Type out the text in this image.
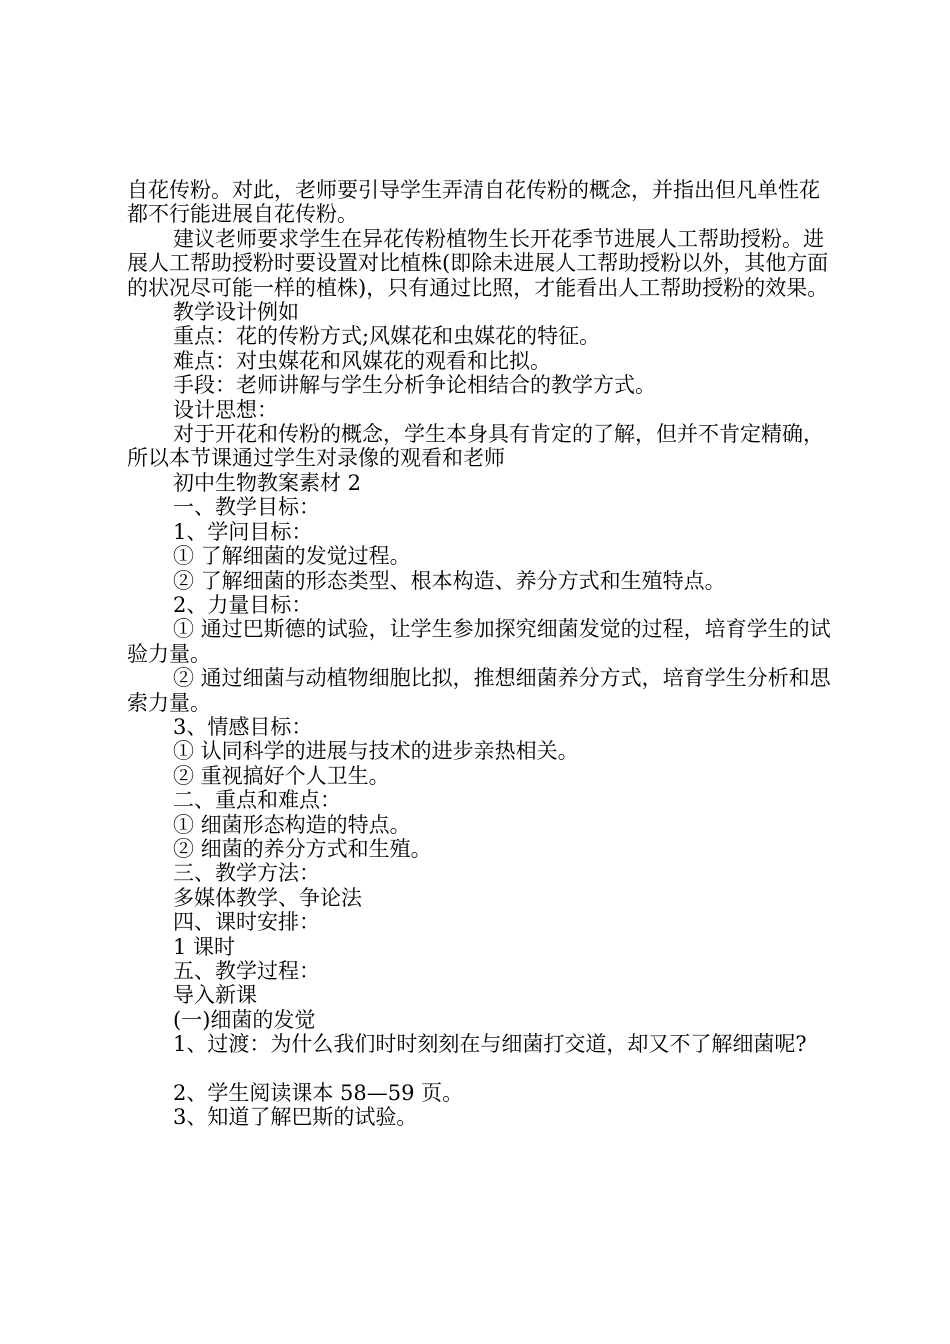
自花传粉。对此，老师要引导学生弄清自花传粉的概念，并指出但凡单性花都不行能进展自花传粉。

建议老师要求学生在异花传粉植物生长开花季节进展人工帮助授粉。进展人工帮助授粉时要设置对比植株(即除未进展人工帮助授粉以外，其他方面的状况尽可能一样的植株)，只有通过比照，才能看出人工帮助授粉的效果。

教学设计例如

重点：花的传粉方式;风媒花和虫媒花的特征。

难点：对虫媒花和风媒花的观看和比拟。

手段：老师讲解与学生分析争论相结合的教学方式。

设计思想：

对于开花和传粉的概念，学生本身具有肯定的了解，但并不肯定精确，所以本节课通过学生对录像的观看和老师

初中生物教案素材 2

一、教学目标：

1、学问目标：

① 了解细菌的发觉过程。

② 了解细菌的形态类型、根本构造、养分方式和生殖特点。

2、力量目标：

① 通过巴斯德的试验，让学生参加探究细菌发觉的过程，培育学生的试验力量。

② 通过细菌与动植物细胞比拟，推想细菌养分方式，培育学生分析和思索力量。

3、情感目标：

① 认同科学的进展与技术的进步亲热相关。

② 重视搞好个人卫生。

二、重点和难点：

① 细菌形态构造的特点。

② 细菌的养分方式和生殖。

三、教学方法：

多媒体教学、争论法

四、课时安排：

1 课时

五、教学过程：

导入新课

(一)细菌的发觉

1、过渡：为什么我们时时刻刻在与细菌打交道，却又不了解细菌呢?

2、学生阅读课本 58—59 页。

3、知道了解巴斯的试验。
